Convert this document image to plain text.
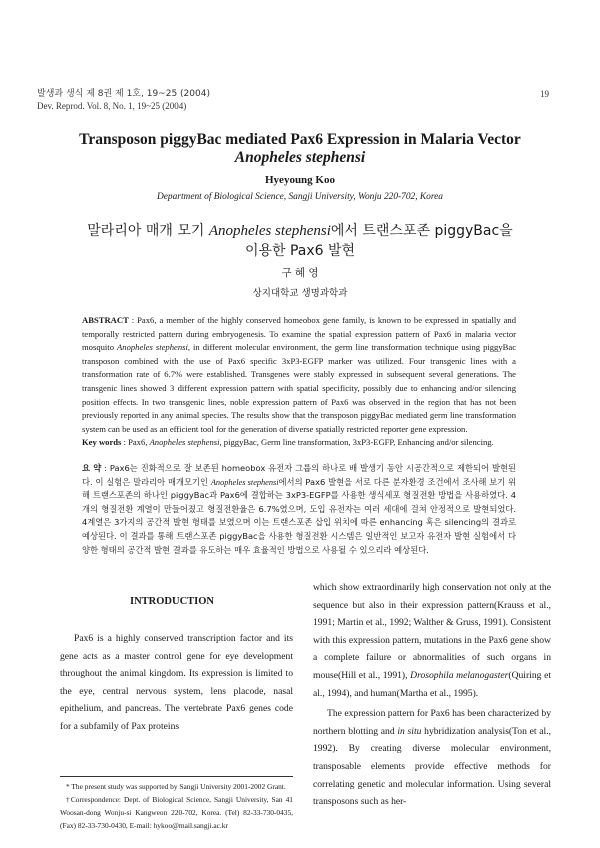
발생과 생식 제 8권 제 1호, 19~25 (2004)
Dev. Reprod. Vol. 8, No. 1, 19~25 (2004)
19
Transposon piggyBac mediated Pax6 Expression in Malaria Vector
Anopheles stephensi
Hyeyoung Koo
Department of Biological Science, Sangji University, Wonju 220-702, Korea
말라리아 매개 모기 Anopheles stephensi에서 트랜스포존 piggyBac을
이용한 Pax6 발현
구 혜 영
상지대학교 생명과학과
ABSTRACT : Pax6, a member of the highly conserved homeobox gene family, is known to be expressed in spatially and temporally restricted pattern during embryogenesis. To examine the spatial expression pattern of Pax6 in malaria vector mosquito Anopheles stephensi, in different molecular environment, the germ line transformation technique using piggyBac transposon combined with the use of Pax6 specific 3xP3-EGFP marker was utilized. Four transgenic lines with a transformation rate of 6.7% were established. Transgenes were stably expressed in subsequent several generations. The transgenic lines showed 3 different expression pattern with spatial specificity, possibly due to enhancing and/or silencing position effects. In two transgenic lines, noble expression pattern of Pax6 was observed in the region that has not been previously reported in any animal species. The results show that the transposon piggyBac mediated germ line transformation system can be used as an efficient tool for the generation of diverse spatially restricted reporter gene expression.
Key words : Pax6, Anopheles stephensi, piggyBac, Germ line transformation, 3xP3-EGFP, Enhancing and/or silencing.
요 약 : Pax6는 진화적으로 잘 보존된 homeobox 유전자 그룹의 하나로 배 발생기 동안 시공간적으로 제한되어 발현된다. 이 실험은 말라리아 매개모기인 Anopheles stephensi에서의 Pax6 발현을 서로 다른 분자환경 조건에서 조사해 보기 위해 트랜스포존의 하나인 piggyBac과 Pax6에 결합하는 3xP3-EGFP를 사용한 생식세포 형질전환 방법을 사용하였다. 4개의 형질전환 계열이 만들어졌고 형질전환율은 6.7%였으며, 도입 유전자는 여러 세대에 걸쳐 안정적으로 발현되었다. 4계열은 3가지의 공간적 발현 형태를 보였으며 이는 트랜스포존 삽입 위치에 따른 enhancing 혹은 silencing의 결과로 예상된다. 이 결과를 통해 트랜스포존 piggyBac을 사용한 형질전환 시스템은 일반적인 보고자 유전자 발현 실험에서 다양한 형태의 공간적 발현 결과를 유도하는 매우 효율적인 방법으로 사용될 수 있으리라 예상된다.
INTRODUCTION

Pax6 is a highly conserved transcription factor and its gene acts as a master control gene for eye development throughout the animal kingdom. Its expression is limited to the eye, central nervous system, lens placode, nasal epithelium, and pancreas. The vertebrate Pax6 genes code for a subfamily of Pax proteins

* The present study was supported by Sangji University 2001-2002 Grant.
†Correspondence: Dept. of Biological Science, Sangji University, San 41 Woosan-dong Wonju-si Kangweon 220-702, Korea. (Tel) 82-33-730-0435, (Fax) 82-33-730-0430, E-mail: hykoo@mail.sangji.ac.kr

which show extraordinarily high conservation not only at the sequence but also in their expression pattern(Krauss et al., 1991; Martin et al., 1992; Walther & Gruss, 1991). Consistent with this expression pattern, mutations in the Pax6 gene show a complete failure or abnormalities of such organs in mouse(Hill et al., 1991), Drosophila melanogaster(Quiring et al., 1994), and human(Martha et al., 1995).

The expression pattern for Pax6 has been characterized by northern blotting and in situ hybridization analysis(Ton et al., 1992). By creating diverse molecular environment, transposable elements provide effective methods for correlating genetic and molecular information. Using several transposons such as her-
